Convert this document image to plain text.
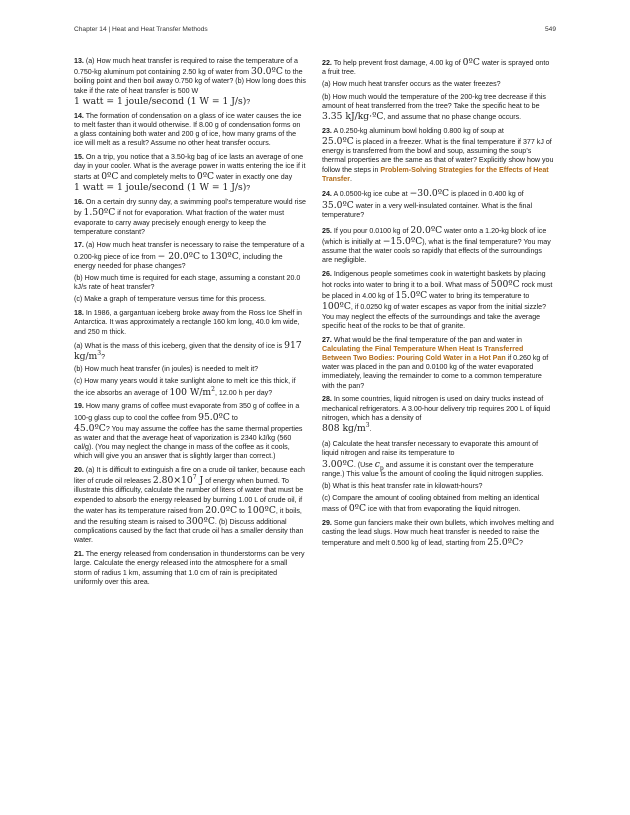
Chapter 14 | Heat and Heat Transfer Methods	549

13. (a) How much heat transfer is required to raise the temperature of a 0.750-kg aluminum pot containing 2.50 kg of water from 30.0ºC to the boiling point and then boil away 0.750 kg of water? (b) How long does this take if the rate of heat transfer is 500 W
1 watt = 1 joule/second (1 W = 1 J/s)?

14. The formation of condensation on a glass of ice water causes the ice to melt faster than it would otherwise. If 8.00 g of condensation forms on a glass containing both water and 200 g of ice, how many grams of the ice will melt as a result? Assume no other heat transfer occurs.

15. On a trip, you notice that a 3.50-kg bag of ice lasts an average of one day in your cooler. What is the average power in watts entering the ice if it starts at 0ºC and completely melts to 0ºC water in exactly one day
1 watt = 1 joule/second (1 W = 1 J/s)?

16. On a certain dry sunny day, a swimming pool’s temperature would rise by 1.50ºC if not for evaporation. What fraction of the water must evaporate to carry away precisely enough energy to keep the temperature constant?

17. (a) How much heat transfer is necessary to raise the temperature of a 0.200-kg piece of ice from − 20.0ºC to 130ºC, including the energy needed for phase changes?

(b) How much time is required for each stage, assuming a constant 20.0 kJ/s rate of heat transfer?

(c) Make a graph of temperature versus time for this process.

18. In 1986, a gargantuan iceberg broke away from the Ross Ice Shelf in Antarctica. It was approximately a rectangle 160 km long, 40.0 km wide, and 250 m thick.

(a) What is the mass of this iceberg, given that the density of ice is 917 $kg/m^3$?

(b) How much heat transfer (in joules) is needed to melt it?

(c) How many years would it take sunlight alone to melt ice this thick, if the ice absorbs an average of 100 $W/m^2$, 12.00 h per day?

19. How many grams of coffee must evaporate from 350 g of coffee in a 100-g glass cup to cool the coffee from 95.0ºC to
45.0ºC? You may assume the coffee has the same thermal properties as water and that the average heat of vaporization is 2340 kJ/kg (560 cal/g). (You may neglect the change in mass of the coffee as it cools, which will give you an answer that is slightly larger than correct.)

20. (a) It is difficult to extinguish a fire on a crude oil tanker, because each liter of crude oil releases $2.80\times 10^7$ J of energy when burned. To illustrate this difficulty, calculate the number of liters of water that must be expended to absorb the energy released by burning 1.00 L of crude oil, if the water has its temperature raised from 20.0ºC to 100ºC, it boils, and the resulting steam is raised to 300ºC. (b) Discuss additional complications caused by the fact that crude oil has a smaller density than water.

21. The energy released from condensation in thunderstorms can be very large. Calculate the energy released into the atmosphere for a small storm of radius 1 km, assuming that 1.0 cm of rain is precipitated uniformly over this area.

22. To help prevent frost damage, 4.00 kg of 0ºC water is sprayed onto a fruit tree.

(a) How much heat transfer occurs as the water freezes?

(b) How much would the temperature of the 200-kg tree decrease if this amount of heat transferred from the tree? Take the specific heat to be 3.35 kJ/kg·ºC, and assume that no phase change occurs.

23. A 0.250-kg aluminum bowl holding 0.800 kg of soup at
25.0ºC is placed in a freezer. What is the final temperature if 377 kJ of energy is transferred from the bowl and soup, assuming the soup’s thermal properties are the same as that of water? Explicitly show how you follow the steps in Problem-Solving Strategies for the Effects of Heat Transfer.

24. A 0.0500-kg ice cube at −30.0ºC is placed in 0.400 kg of 35.0ºC water in a very well-insulated container. What is the final temperature?

25. If you pour 0.0100 kg of 20.0ºC water onto a 1.20-kg block of ice (which is initially at −15.0ºC), what is the final temperature? You may assume that the water cools so rapidly that effects of the surroundings are negligible.

26. Indigenous people sometimes cook in watertight baskets by placing hot rocks into water to bring it to a boil. What mass of 500ºC rock must be placed in 4.00 kg of 15.0ºC water to bring its temperature to 100ºC, if 0.0250 kg of water escapes as vapor from the initial sizzle? You may neglect the effects of the surroundings and take the average specific heat of the rocks to be that of granite.

27. What would be the final temperature of the pan and water in Calculating the Final Temperature When Heat Is Transferred Between Two Bodies: Pouring Cold Water in a Hot Pan if 0.260 kg of water was placed in the pan and 0.0100 kg of the water evaporated immediately, leaving the remainder to come to a common temperature with the pan?

28. In some countries, liquid nitrogen is used on dairy trucks instead of mechanical refrigerators. A 3.00-hour delivery trip requires 200 L of liquid nitrogen, which has a density of
808 $kg/m^3$.

(a) Calculate the heat transfer necessary to evaporate this amount of liquid nitrogen and raise its temperature to
3.00ºC. (Use $c_p$ and assume it is constant over the temperature range.) This value is the amount of cooling the liquid nitrogen supplies.

(b) What is this heat transfer rate in kilowatt-hours?

(c) Compare the amount of cooling obtained from melting an identical mass of 0ºC ice with that from evaporating the liquid nitrogen.

29. Some gun fanciers make their own bullets, which involves melting and casting the lead slugs. How much heat transfer is needed to raise the temperature and melt 0.500 kg of lead, starting from 25.0ºC?
